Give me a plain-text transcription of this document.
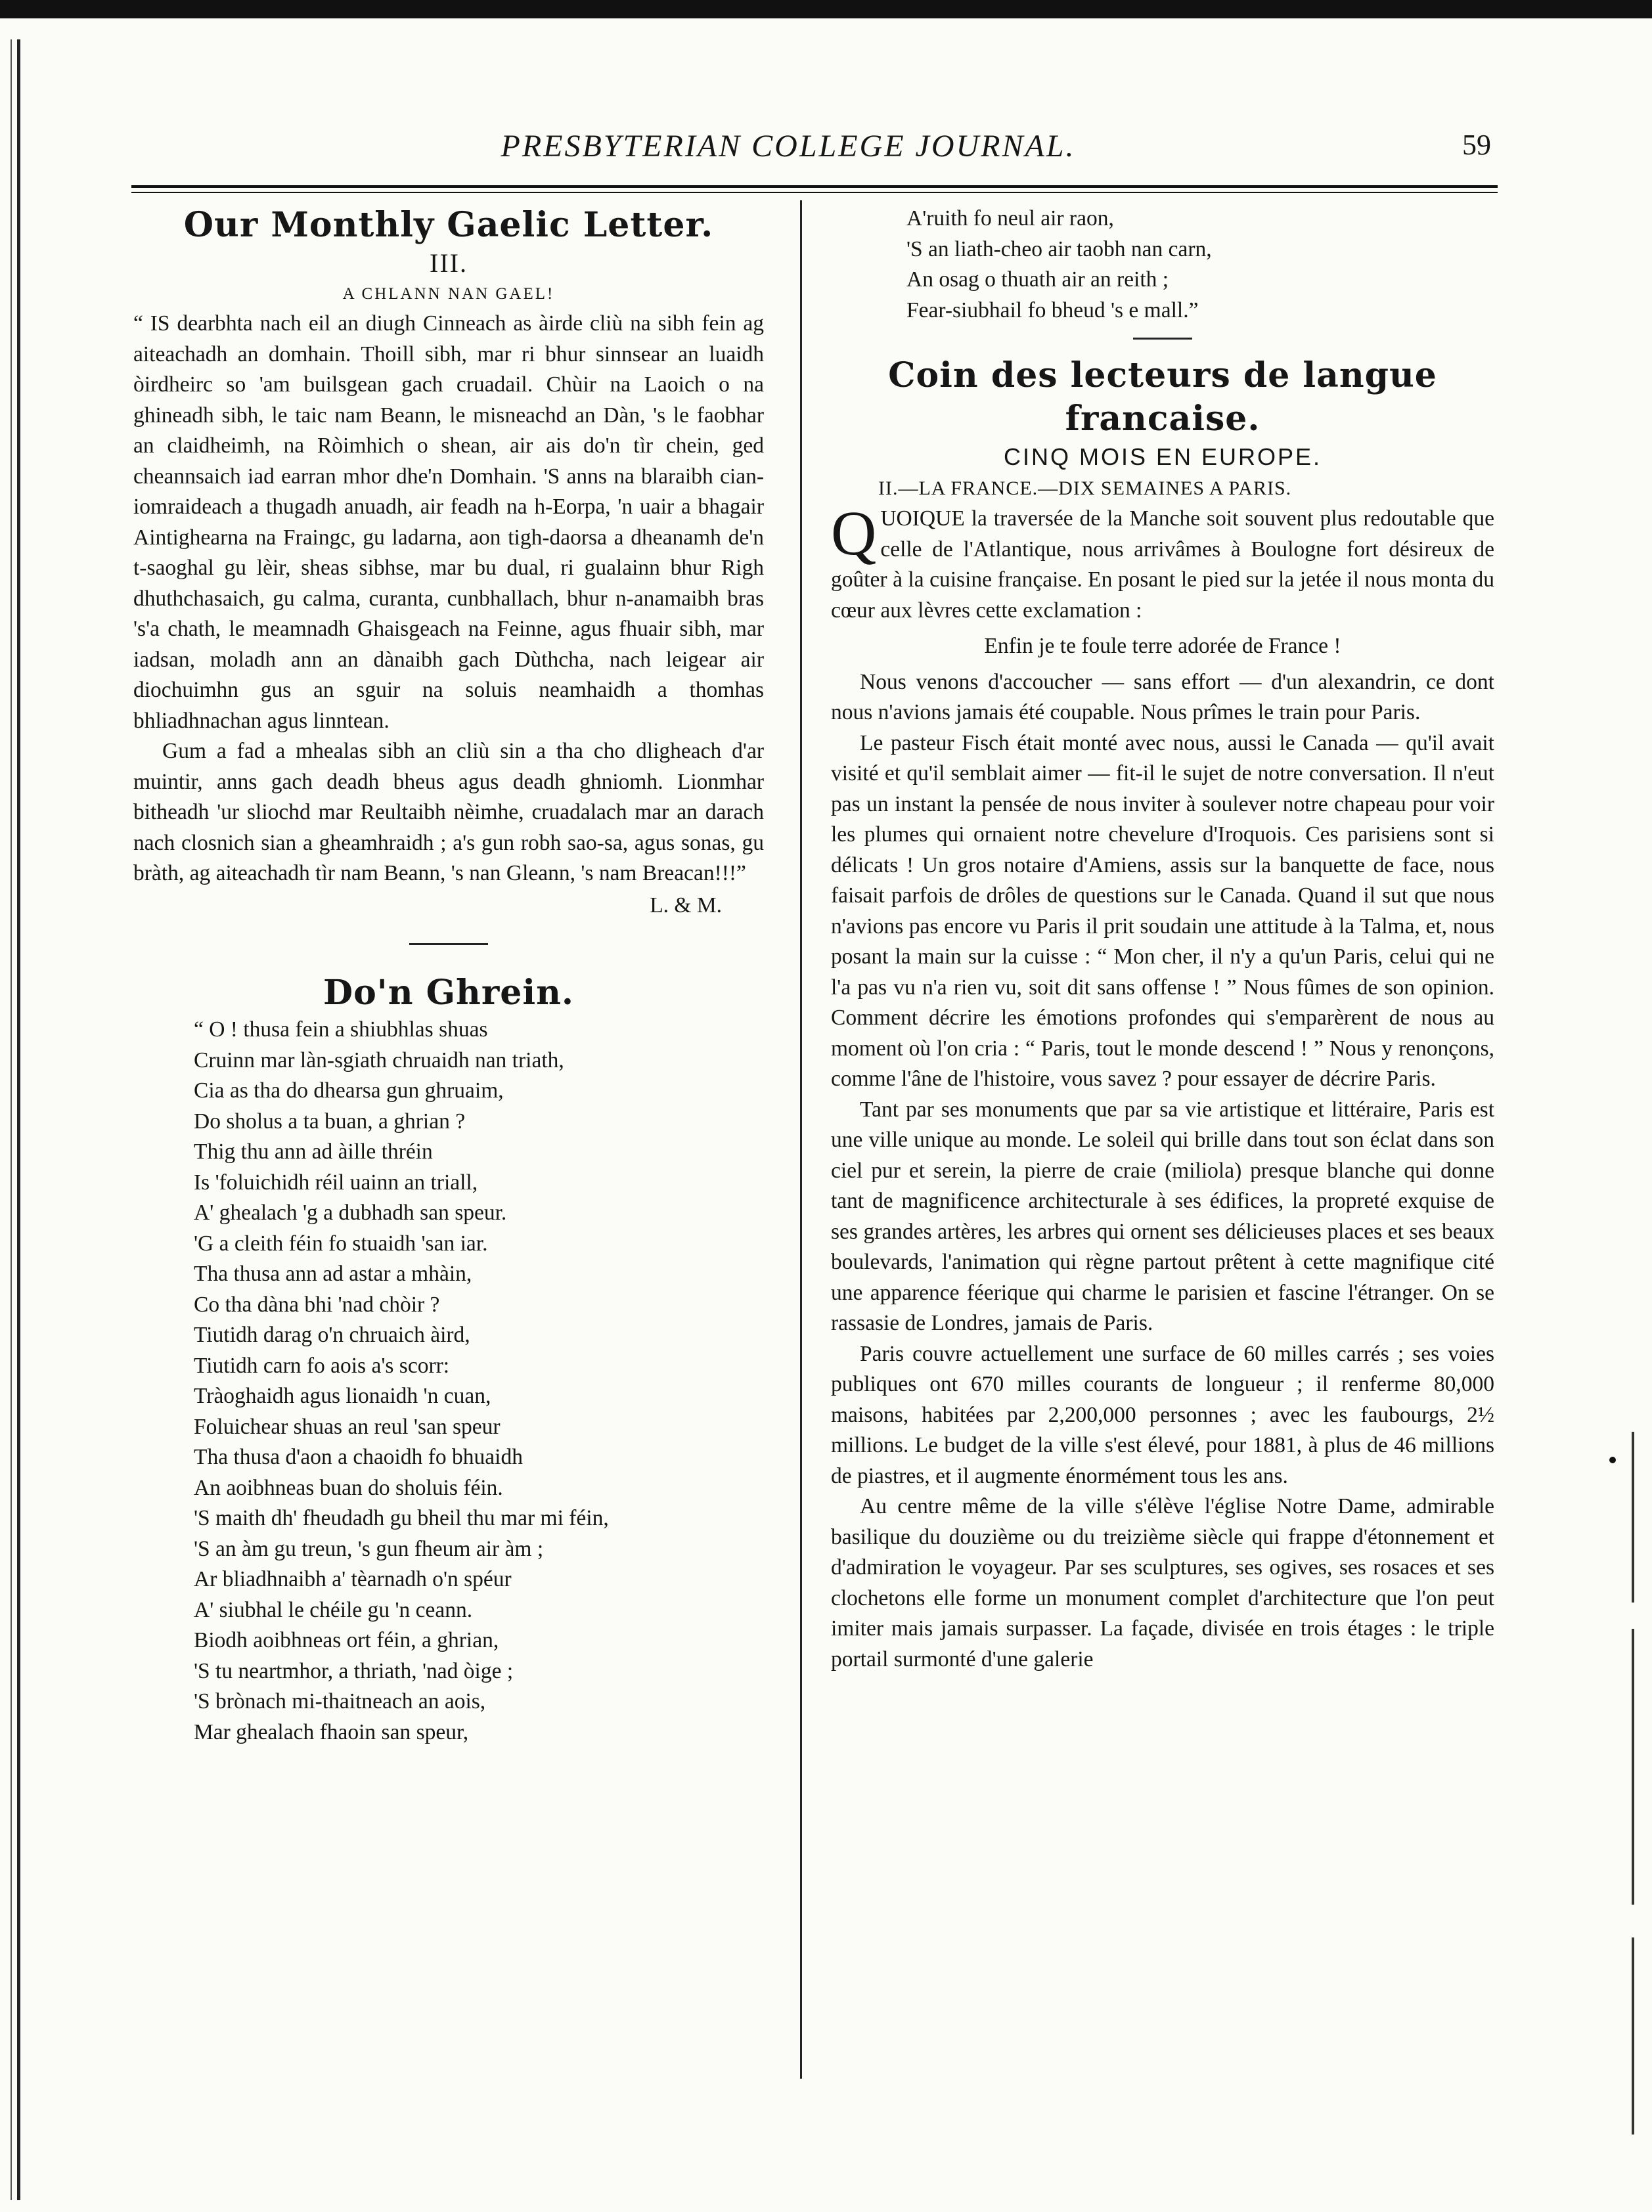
PRESBYTERIAN COLLEGE JOURNAL.	59
Our Monthly Gaelic Letter.
III.
A CHLANN NAN GAEL!

“ IS dearbhta nach eil an diugh Cinneach as àirde cliù na sibh fein ag aiteachadh an domhain. Thoill sibh, mar ri bhur sinnsear an luaidh òirdheirc so 'am builsgean gach cruadail. Chùir na Laoich o na ghineadh sibh, le taic nam Beann, le misneachd an Dàn, 's le faobhar an claidheimh, na Ròimhich o shean, air ais do'n tìr chein, ged cheannsaich iad earran mhor dhe'n Domhain. 'S anns na blaraibh cian-iomraideach a thugadh anuadh, air feadh na h-Eorpa, 'n uair a bhagair Aintighearna na Fraingc, gu ladarna, aon tigh-daorsa a dheanamh de'n t-saoghal gu lèir, sheas sibhse, mar bu dual, ri gualainn bhur Righ dhuthchasaich, gu calma, curanta, cunbhallach, bhur n-anamaibh bras 's'a chath, le meamnadh Ghaisgeach na Feinne, agus fhuair sibh, mar iadsan, moladh ann an dànaibh gach Dùthcha, nach leigear air diochuimhn gus an sguir na soluis neamhaidh a thomhas bhliadhnachan agus linntean.

Gum a fad a mhealas sibh an cliù sin a tha cho dligheach d'ar muintir, anns gach deadh bheus agus deadh ghniomh. Lionmhar bitheadh 'ur sliochd mar Reultaibh nèimhe, cruadalach mar an darach nach closnich sian a gheamhraidh ; a's gun robh sao-sa, agus sonas, gu bràth, ag aiteachadh tìr nam Beann, 's nan Gleann, 's nam Breacan!!!”

L. & M.
Do'n Ghrein.
“ O ! thusa fein a shiubhlas shuas
Cruinn mar làn-sgiath chruaidh nan triath,
Cia as tha do dhearsa gun ghruaim,
Do sholus a ta buan, a ghrian ?
Thig thu ann ad àille thréin
Is 'foluichidh réil uainn an triall,
A' ghealach 'g a dubhadh san speur.
'G a cleith féin fo stuaidh 'san iar.
Tha thusa ann ad astar a mhàin,
Co tha dàna bhi 'nad chòir ?
Tiutidh darag o'n chruaich àird,
Tiutidh carn fo aois a's scorr:
Tràoghaidh agus lionaidh 'n cuan,
Foluichear shuas an reul 'san speur
Tha thusa d'aon a chaoidh fo bhuaidh
An aoibhneas buan do sholuis féin.
'S maith dh' fheudadh gu bheil thu mar mi féin,
'S an àm gu treun, 's gun fheum air àm ;
Ar bliadhnaibh a' tèarnadh o'n spéur
A' siubhal le chéile gu 'n ceann.
Biodh aoibhneas ort féin, a ghrian,
'S tu neartmhor, a thriath, 'nad òige ;
'S brònach mi-thaitneach an aois,
Mar ghealach fhaoin san speur,
A'ruith fo neul air raon,
'S an liath-cheo air taobh nan carn,
An osag o thuath air an reith ;
Fear-siubhail fo bheud 's e mall.”
Coin des lecteurs de langue francaise.
CINQ MOIS EN EUROPE.
II.—LA FRANCE.—DIX SEMAINES A PARIS.

QUOIQUE la traversée de la Manche soit souvent plus redoutable que celle de l'Atlantique, nous arrivâmes à Boulogne fort désireux de goûter à la cuisine française. En posant le pied sur la jetée il nous monta du cœur aux lèvres cette exclamation :

Enfin je te foule terre adorée de France !

Nous venons d'accoucher — sans effort — d'un alexandrin, ce dont nous n'avions jamais été coupable. Nous prîmes le train pour Paris.

Le pasteur Fisch était monté avec nous, aussi le Canada — qu'il avait visité et qu'il semblait aimer — fit-il le sujet de notre conversation. Il n'eut pas un instant la pensée de nous inviter à soulever notre chapeau pour voir les plumes qui ornaient notre chevelure d'Iroquois. Ces parisiens sont si délicats ! Un gros notaire d'Amiens, assis sur la banquette de face, nous faisait parfois de drôles de questions sur le Canada. Quand il sut que nous n'avions pas encore vu Paris il prit soudain une attitude à la Talma, et, nous posant la main sur la cuisse : “ Mon cher, il n'y a qu'un Paris, celui qui ne l'a pas vu n'a rien vu, soit dit sans offense ! ” Nous fûmes de son opinion. Comment décrire les émotions profondes qui s'emparèrent de nous au moment où l'on cria : “ Paris, tout le monde descend ! ” Nous y renonçons, comme l'âne de l'histoire, vous savez ? pour essayer de décrire Paris.

Tant par ses monuments que par sa vie artistique et littéraire, Paris est une ville unique au monde. Le soleil qui brille dans tout son éclat dans son ciel pur et serein, la pierre de craie (miliola) presque blanche qui donne tant de magnificence architecturale à ses édifices, la propreté exquise de ses grandes artères, les arbres qui ornent ses délicieuses places et ses beaux boulevards, l'animation qui règne partout prêtent à cette magnifique cité une apparence féerique qui charme le parisien et fascine l'étranger. On se rassasie de Londres, jamais de Paris.

Paris couvre actuellement une surface de 60 milles carrés ; ses voies publiques ont 670 milles courants de longueur ; il renferme 80,000 maisons, habitées par 2,200,000 personnes ; avec les faubourgs, 2½ millions. Le budget de la ville s'est élevé, pour 1881, à plus de 46 millions de piastres, et il augmente énormément tous les ans.

Au centre même de la ville s'élève l'église Notre Dame, admirable basilique du douzième ou du treizième siècle qui frappe d'étonnement et d'admiration le voyageur. Par ses sculptures, ses ogives, ses rosaces et ses clochetons elle forme un monument complet d'architecture que l'on peut imiter mais jamais surpasser. La façade, divisée en trois étages : le triple portail surmonté d'une galerie
